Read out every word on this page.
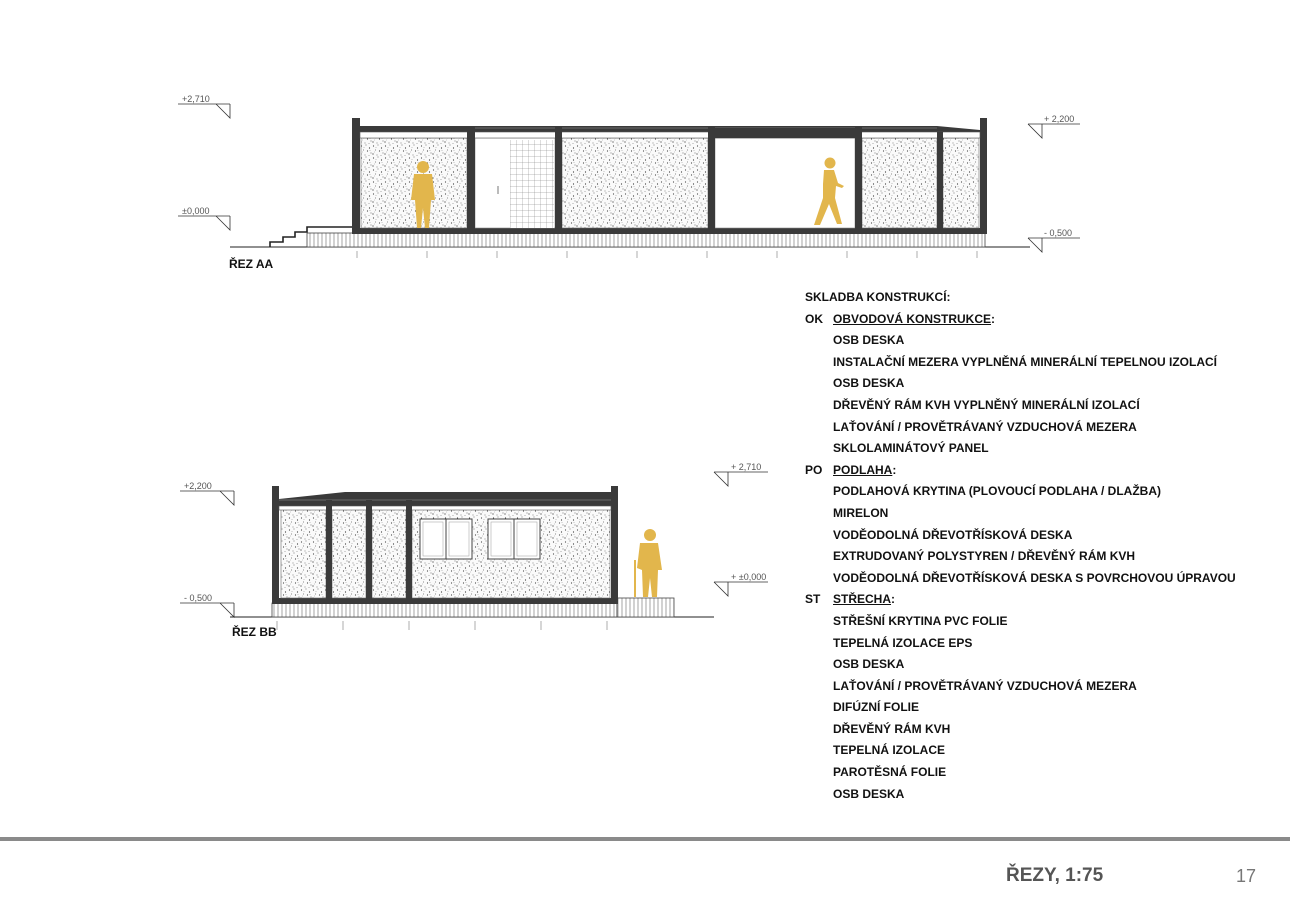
+2,710
±0,000
+ 2,200
- 0,500
+2,200
- 0,500
+ 2,710
+ ±0,000
ŘEZ AA
ŘEZ BB
SKLADBA KONSTRUKCÍ:
OK OBVODOVÁ KONSTRUKCE:
OSB DESKA
INSTALAČNÍ MEZERA VYPLNĚNÁ MINERÁLNÍ TEPELNOU IZOLACÍ
OSB DESKA
DŘEVĚNÝ RÁM KVH VYPLNĚNÝ MINERÁLNÍ IZOLACÍ
LAŤOVÁNÍ / PROVĚTRÁVANÝ VZDUCHOVÁ MEZERA
SKLOLAMINÁTOVÝ PANEL
PO PODLAHA:
PODLAHOVÁ KRYTINA (PLOVOUCÍ PODLAHA / DLAŽBA)
MIRELON
VODĚODOLNÁ DŘEVOTŘÍSKOVÁ DESKA
EXTRUDOVANÝ POLYSTYREN / DŘEVĚNÝ RÁM KVH
VODĚODOLNÁ DŘEVOTŘÍSKOVÁ DESKA S POVRCHOVOU ÚPRAVOU
ST STŘECHA:
STŘEŠNÍ KRYTINA PVC FOLIE
TEPELNÁ IZOLACE EPS
OSB DESKA
LAŤOVÁNÍ / PROVĚTRÁVANÝ VZDUCHOVÁ MEZERA
DIFÚZNÍ FOLIE
DŘEVĚNÝ RÁM KVH
TEPELNÁ IZOLACE
PAROTĚSNÁ FOLIE
OSB DESKA
ŘEZY, 1:75	17
